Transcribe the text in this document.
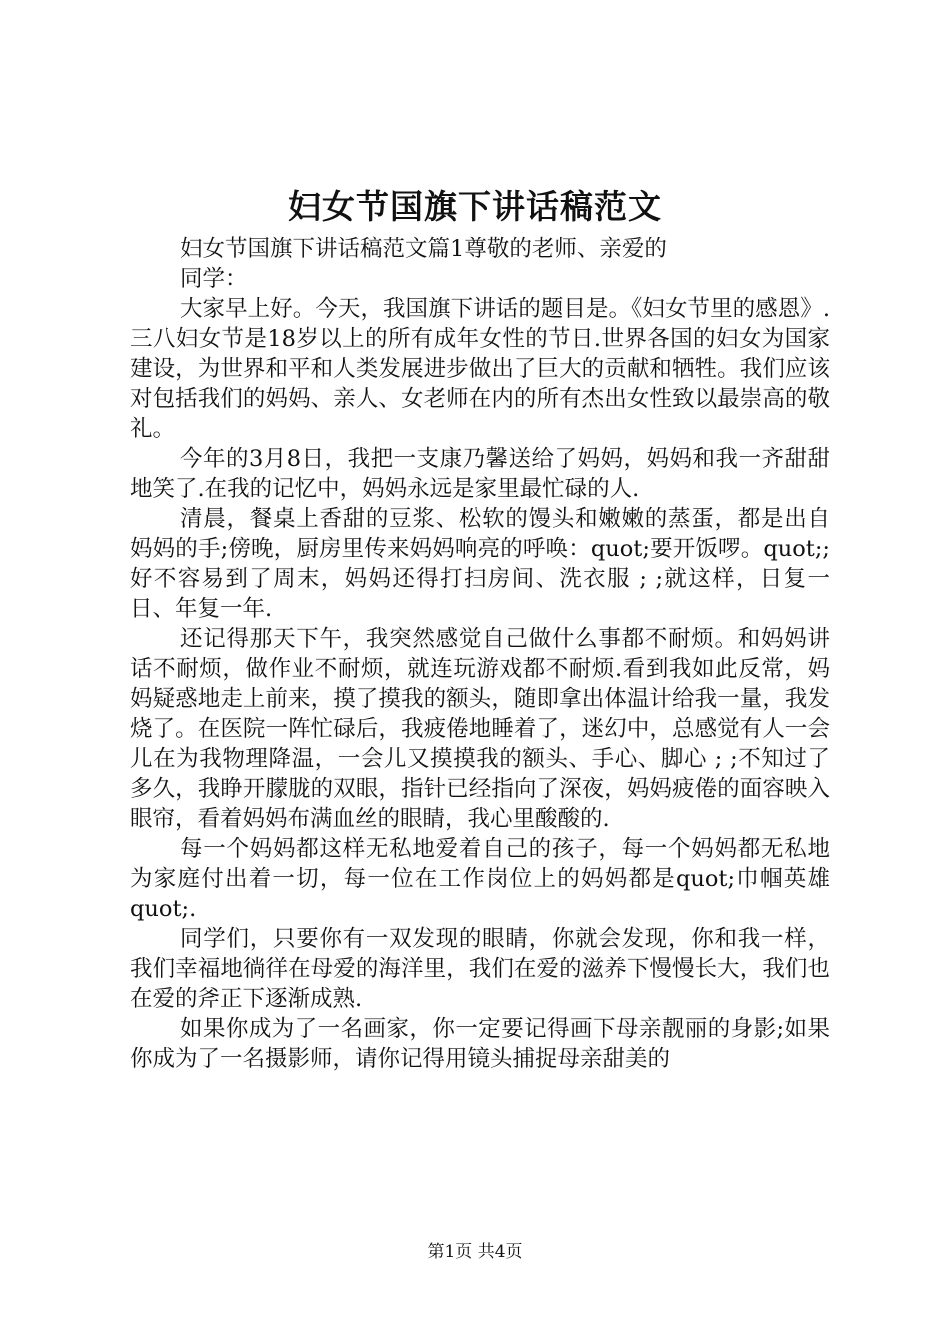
妇女节国旗下讲话稿范文

妇女节国旗下讲话稿范文篇1尊敬的老师、亲爱的

同学：

大家早上好。今天，我国旗下讲话的题目是。《妇女节里的感恩》.三八妇女节是18岁以上的所有成年女性的节日.世界各国的妇女为国家建设，为世界和平和人类发展进步做出了巨大的贡献和牺牲。我们应该对包括我们的妈妈、亲人、女老师在内的所有杰出女性致以最崇高的敬礼。

今年的3月8日，我把一支康乃馨送给了妈妈，妈妈和我一齐甜甜地笑了.在我的记忆中，妈妈永远是家里最忙碌的人.

清晨，餐桌上香甜的豆浆、松软的馒头和嫩嫩的蒸蛋，都是出自妈妈的手;傍晚，厨房里传来妈妈响亮的呼唤：quot;要开饭啰。quot;;好不容易到了周末，妈妈还得打扫房间、洗衣服 ; ;就这样，日复一日、年复一年.

还记得那天下午，我突然感觉自己做什么事都不耐烦。和妈妈讲话不耐烦，做作业不耐烦，就连玩游戏都不耐烦.看到我如此反常，妈妈疑惑地走上前来，摸了摸我的额头，随即拿出体温计给我一量，我发烧了。在医院一阵忙碌后，我疲倦地睡着了，迷幻中，总感觉有人一会儿在为我物理降温，一会儿又摸摸我的额头、手心、脚心 ; ;不知过了多久，我睁开朦胧的双眼，指针已经指向了深夜，妈妈疲倦的面容映入眼帘，看着妈妈布满血丝的眼睛，我心里酸酸的.

每一个妈妈都这样无私地爱着自己的孩子，每一个妈妈都无私地为家庭付出着一切，每一位在工作岗位上的妈妈都是quot;巾帼英雄quot;.

同学们，只要你有一双发现的眼睛，你就会发现，你和我一样，我们幸福地徜徉在母爱的海洋里，我们在爱的滋养下慢慢长大，我们也在爱的斧正下逐渐成熟.

如果你成为了一名画家，你一定要记得画下母亲靓丽的身影;如果你成为了一名摄影师，请你记得用镜头捕捉母亲甜美的

第1页 共4页
